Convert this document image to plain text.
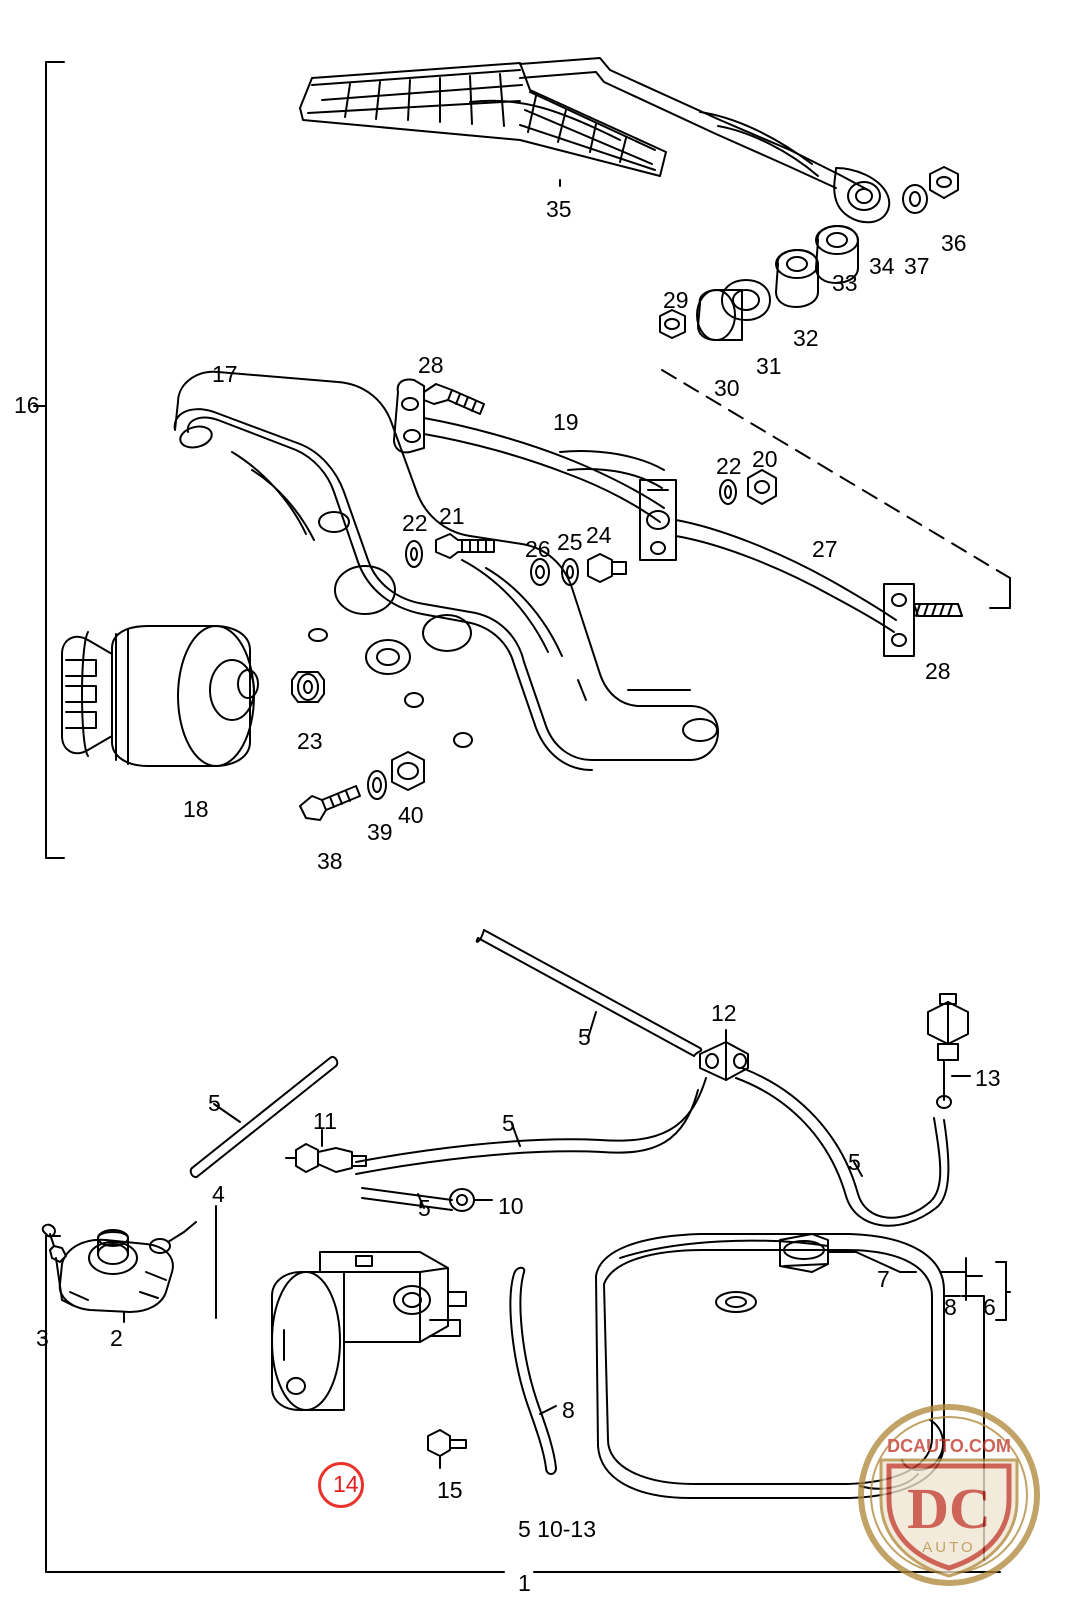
16
35
36
37
34
33
32
31
30
29
17	28
19
20
22
27
28
22 21
26 25 24
23
18
38
39
40
5
12
13
5
5
11	5
5	10
4
7
8 6
3	2
8
15
14
5 10-13
1
DCAUTO.COM
DC
AUTO
